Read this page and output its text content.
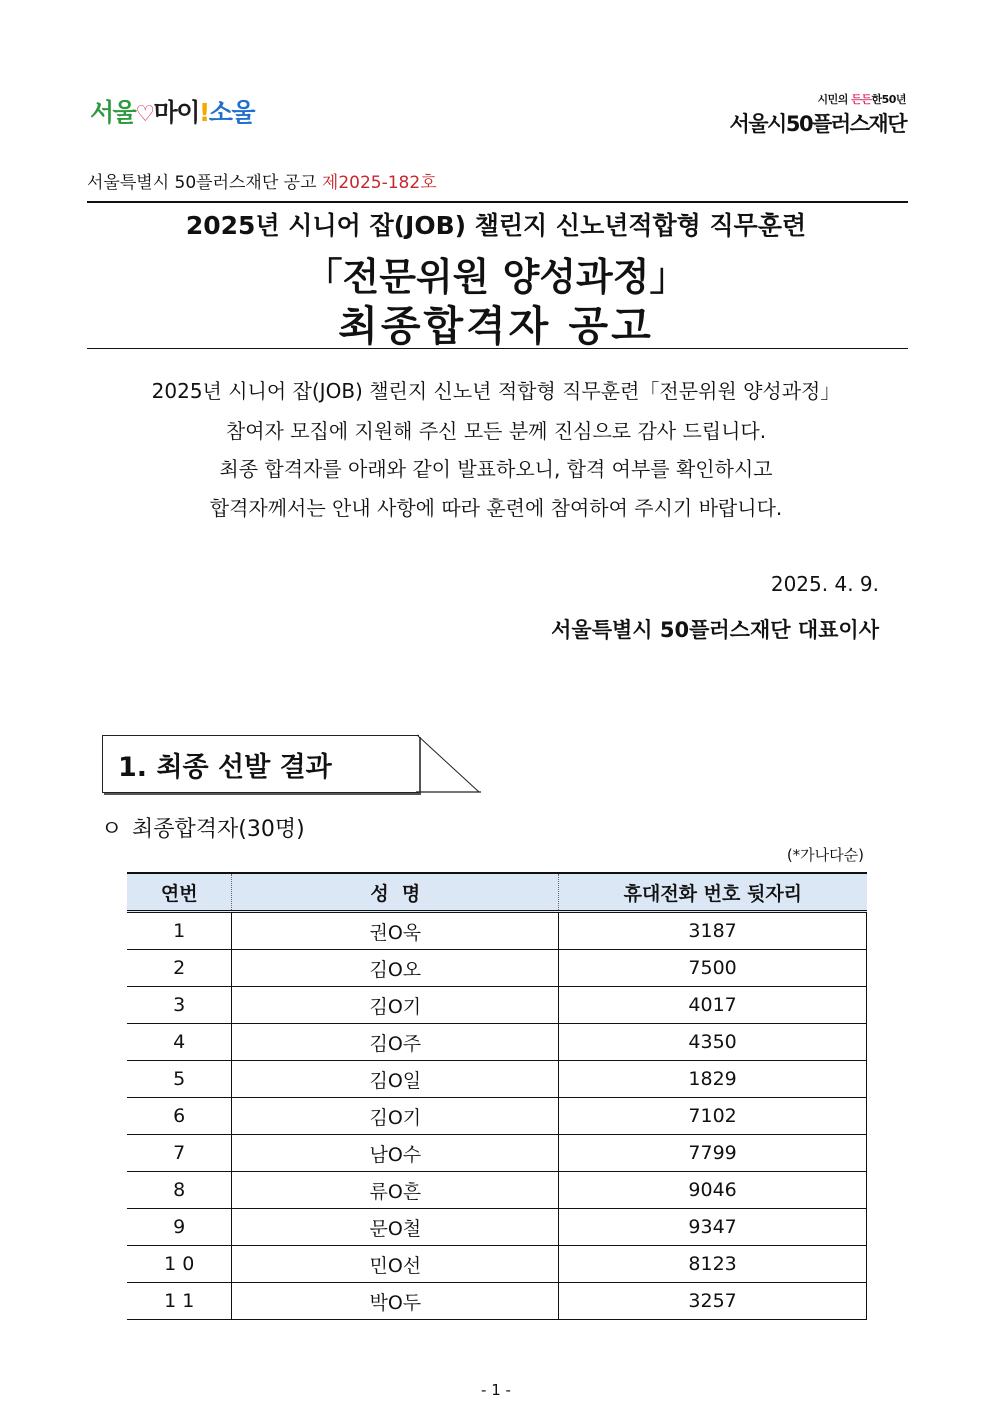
서울♡마이!소울	시민의 든든한50년
서울시50플러스재단
서울특별시 50플러스재단 공고 제2025-182호
2025년 시니어 잡(JOB) 챌린지 신노년적합형 직무훈련
「전문위원 양성과정」
최종합격자 공고
2025년 시니어 잡(JOB) 챌린지 신노년 적합형 직무훈련「전문위원 양성과정」
참여자 모집에 지원해 주신 모든 분께 진심으로 감사 드립니다.
최종 합격자를 아래와 같이 발표하오니, 합격 여부를 확인하시고
합격자께서는 안내 사항에 따라 훈련에 참여하여 주시기 바랍니다.
2025. 4. 9.
서울특별시 50플러스재단 대표이사
1. 최종 선발 결과
ㅇ 최종합격자(30명)
(*가나다순)
연번	성  명	휴대전화 번호 뒷자리
1	권O욱	3187
2	김O오	7500
3	김O기	4017
4	김O주	4350
5	김O일	1829
6	김O기	7102
7	남O수	7799
8	류O흔	9046
9	문O철	9347
1 0	민O선	8123
1 1	박O두	3257
- 1 -
